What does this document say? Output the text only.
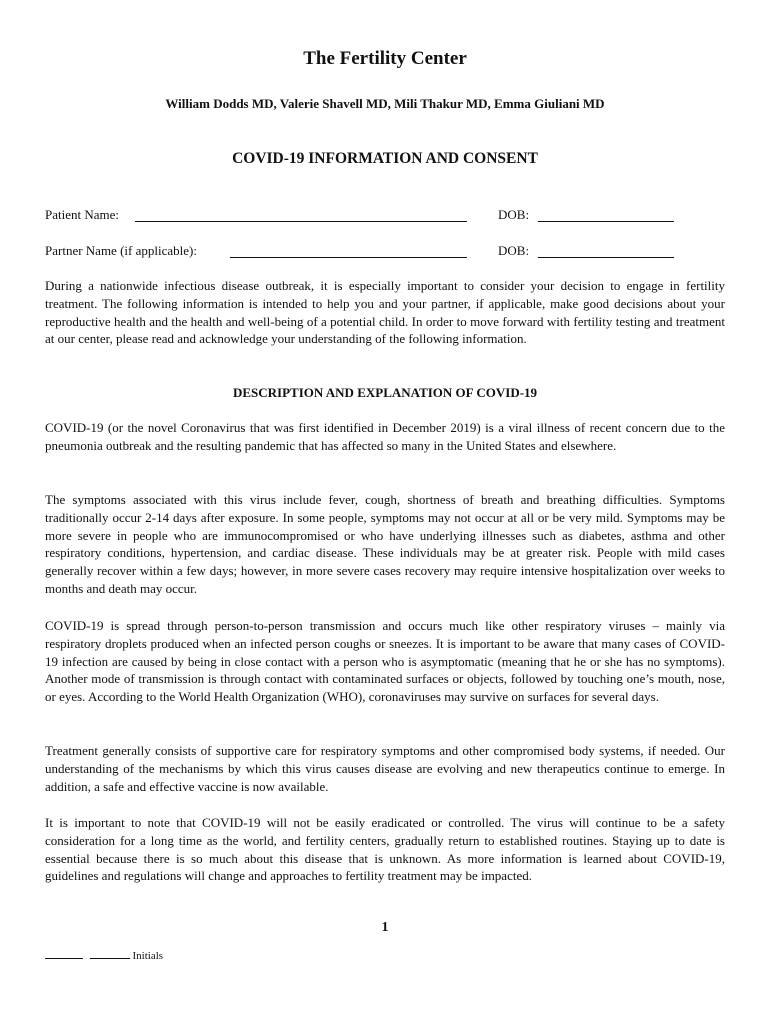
The Fertility Center
William Dodds MD, Valerie Shavell MD, Mili Thakur MD, Emma Giuliani MD
COVID-19 INFORMATION AND CONSENT
Patient Name:	DOB:
Partner Name (if applicable):	DOB:

During a nationwide infectious disease outbreak, it is especially important to consider your decision to engage in fertility treatment. The following information is intended to help you and your partner, if applicable, make good decisions about your reproductive health and the health and well-being of a potential child. In order to move forward with fertility testing and treatment at our center, please read and acknowledge your understanding of the following information.

DESCRIPTION AND EXPLANATION OF COVID-19

COVID-19 (or the novel Coronavirus that was first identified in December 2019) is a viral illness of recent concern due to the pneumonia outbreak and the resulting pandemic that has affected so many in the United States and elsewhere.

The symptoms associated with this virus include fever, cough, shortness of breath and breathing difficulties. Symptoms traditionally occur 2-14 days after exposure. In some people, symptoms may not occur at all or be very mild. Symptoms may be more severe in people who are immunocompromised or who have underlying illnesses such as diabetes, asthma and other respiratory conditions, hypertension, and cardiac disease. These individuals may be at greater risk. People with mild cases generally recover within a few days; however, in more severe cases recovery may require intensive hospitalization over weeks to months and death may occur.

COVID-19 is spread through person-to-person transmission and occurs much like other respiratory viruses – mainly via respiratory droplets produced when an infected person coughs or sneezes. It is important to be aware that many cases of COVID-19 infection are caused by being in close contact with a person who is asymptomatic (meaning that he or she has no symptoms). Another mode of transmission is through contact with contaminated surfaces or objects, followed by touching one’s mouth, nose, or eyes. According to the World Health Organization (WHO), coronaviruses may survive on surfaces for several days.

Treatment generally consists of supportive care for respiratory symptoms and other compromised body systems, if needed. Our understanding of the mechanisms by which this virus causes disease are evolving and new therapeutics continue to emerge. In addition, a safe and effective vaccine is now available.

It is important to note that COVID-19 will not be easily eradicated or controlled. The virus will continue to be a safety consideration for a long time as the world, and fertility centers, gradually return to established routines. Staying up to date is essential because there is so much about this disease that is unknown. As more information is learned about COVID-19, guidelines and regulations will change and approaches to fertility treatment may be impacted.

1
Initials
